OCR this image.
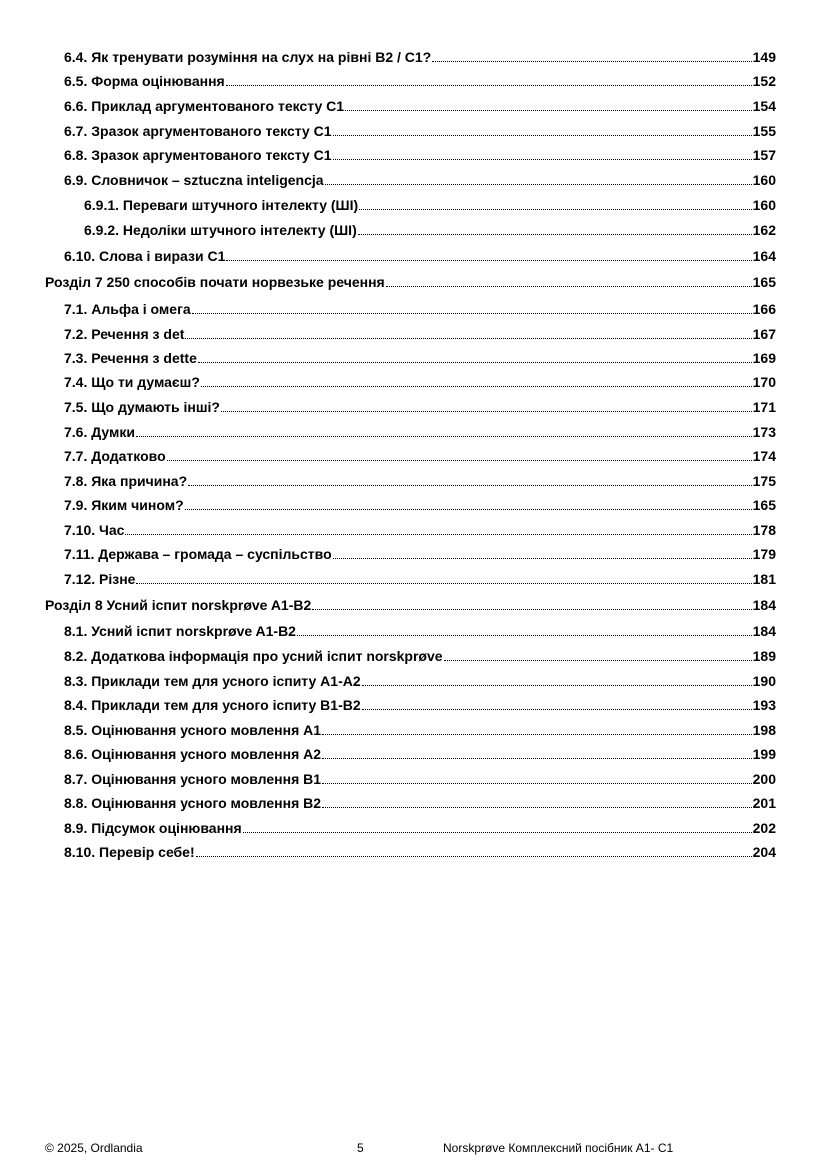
6.4. Як тренувати розуміння на слух на рівні B2 / C1?	149
6.5. Форма оцінювання	152
6.6. Приклад аргументованого тексту C1	154
6.7. Зразок аргументованого тексту С1	155
6.8. Зразок аргументованого тексту С1	157
6.9. Словничок – sztuczna inteligencja	160
6.9.1. Переваги штучного інтелекту (ШІ)	160
6.9.2. Недоліки штучного інтелекту (ШІ)	162
6.10. Слова і вирази C1	164
Розділ 7 250 способів почати норвезьке речення	165
7.1. Альфа і омега	166
7.2. Речення з det	167
7.3. Речення з dette	169
7.4. Що ти думаєш?	170
7.5. Що думають інші?	171
7.6. Думки	173
7.7. Додатково	174
7.8. Яка причина?	175
7.9. Яким чином?	165
7.10. Час	178
7.11. Держава – громада – суспільство	179
7.12. Різне	181
Розділ 8 Усний іспит norskprøve A1-B2	184
8.1. Усний іспит norskprøve A1-B2	184
8.2. Додаткова інформація про усний іспит norskprøve	189
8.3. Приклади тем для усного іспиту A1-A2	190
8.4. Приклади тем для усного іспиту B1-B2	193
8.5. Оцінювання усного мовлення A1	198
8.6. Оцінювання усного мовлення A2	199
8.7. Оцінювання усного мовлення B1	200
8.8. Оцінювання усного мовлення B2	201
8.9. Підсумок оцінювання	202
8.10. Перевір себе!	204
© 2025, Ordlandia	5	Norskprøve Комплексний посібник A1- C1
